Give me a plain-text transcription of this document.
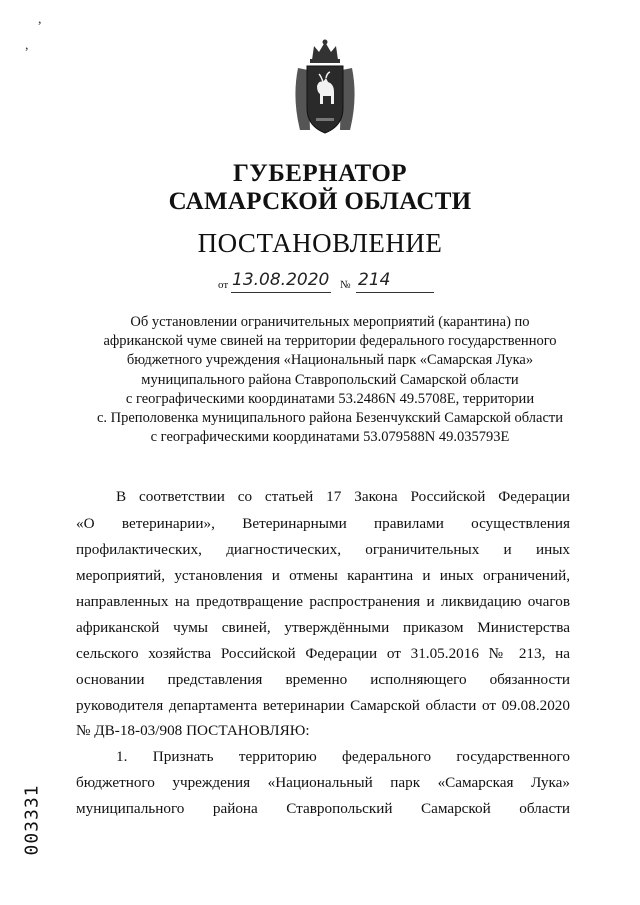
,
,
ГУБЕРНАТОР
САМАРСКОЙ ОБЛАСТИ
ПОСТАНОВЛЕНИЕ
от 13.08.2020 № 214
Об установлении ограничительных мероприятий (карантина) по
африканской чуме свиней на территории федерального государственного
бюджетного учреждения «Национальный парк «Самарская Лука»
муниципального района Ставропольский Самарской области
с географическими координатами 53.2486N 49.5708E, территории
с. Преполовенка муниципального района Безенчукский Самарской области
с географическими координатами 53.079588N 49.035793E
В соответствии со статьей 17 Закона Российской Федерации
«О ветеринарии», Ветеринарными правилами осуществления
профилактических, диагностических, ограничительных и иных
мероприятий, установления и отмены карантина и иных ограничений,
направленных на предотвращение распространения и ликвидацию очагов
африканской чумы свиней, утверждёнными приказом Министерства
сельского хозяйства Российской Федерации от 31.05.2016 № 213, на
основании представления временно исполняющего обязанности
руководителя департамента ветеринарии Самарской области от 09.08.2020
№ ДВ-18-03/908 ПОСТАНОВЛЯЮ:
1. Признать территорию федерального государственного
бюджетного учреждения «Национальный парк «Самарская Лука»
муниципального района Ставропольский Самарской области
003331
